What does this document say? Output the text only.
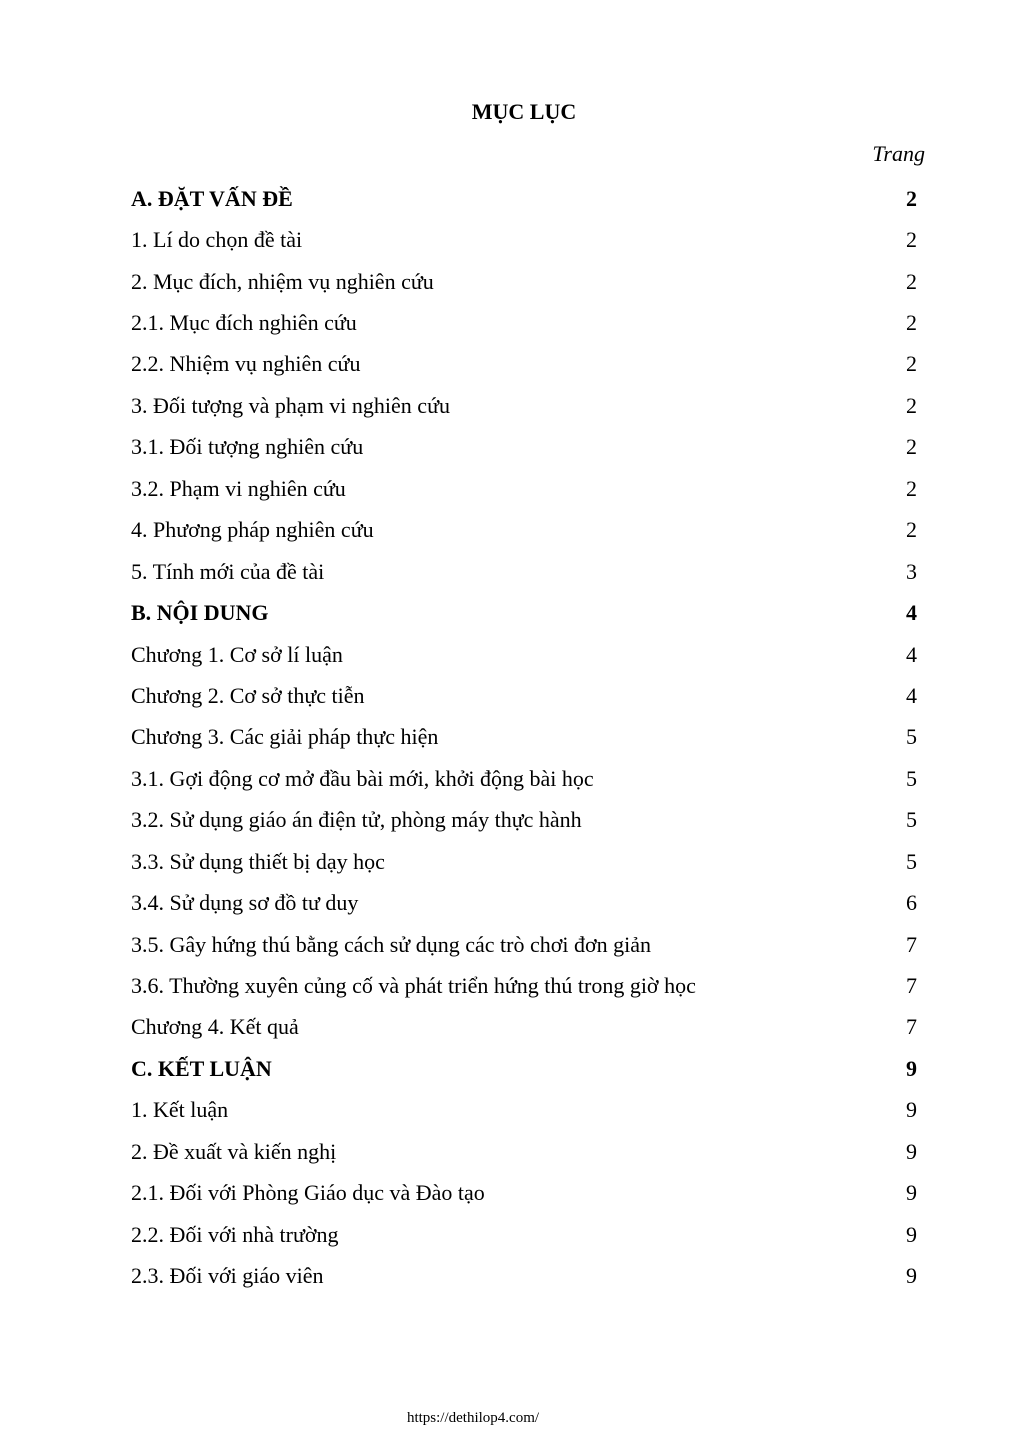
MỤC LỤC
Trang
A. ĐẶT VẤN ĐỀ	2
1. Lí do chọn đề tài	2
2. Mục đích, nhiệm vụ nghiên cứu	2
2.1. Mục đích nghiên cứu	2
2.2. Nhiệm vụ nghiên cứu	2
3. Đối tượng và phạm vi nghiên cứu	2
3.1. Đối tượng nghiên cứu	2
3.2. Phạm vi nghiên cứu	2
4. Phương pháp nghiên cứu	2
5. Tính mới của đề tài	3
B. NỘI DUNG	4
Chương 1. Cơ sở lí luận	4
Chương 2. Cơ sở thực tiễn	4
Chương 3. Các giải pháp thực hiện	5
3.1. Gợi động cơ mở đầu bài mới, khởi động bài học	5
3.2. Sử dụng giáo án điện tử, phòng máy thực hành	5
3.3. Sử dụng thiết bị dạy học	5
3.4. Sử dụng sơ đồ tư duy	6
3.5. Gây hứng thú bằng cách sử dụng các trò chơi đơn giản	7
3.6. Thường xuyên củng cố và phát triển hứng thú trong giờ học	7
Chương 4. Kết quả	7
C. KẾT LUẬN	9
1. Kết luận	9
2. Đề xuất và kiến nghị	9
2.1. Đối với Phòng Giáo dục và Đào tạo	9
2.2. Đối với nhà trường	9
2.3. Đối với giáo viên	9
https://dethilop4.com/
